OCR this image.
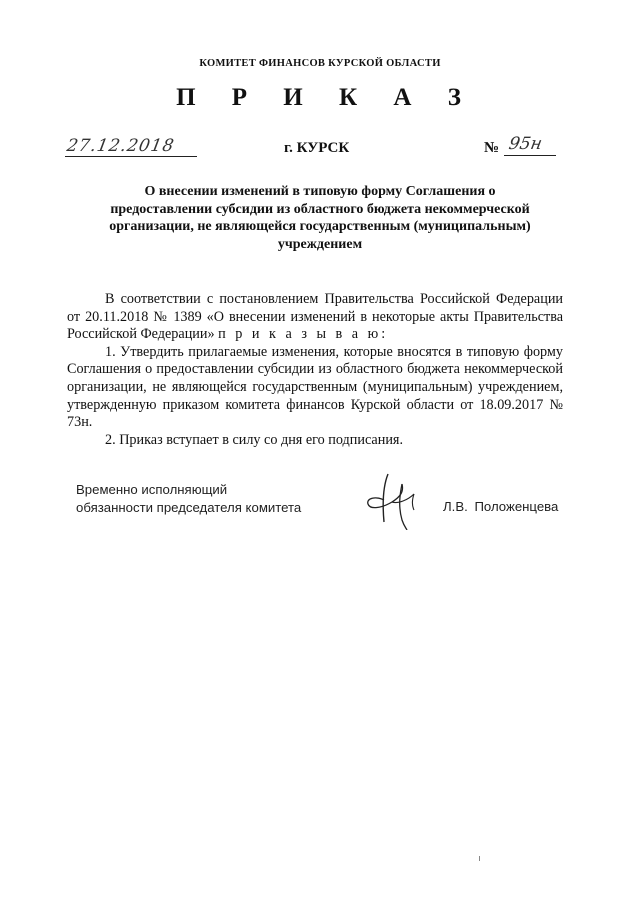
КОМИТЕТ ФИНАНСОВ КУРСКОЙ ОБЛАСТИ
П Р И К А З
27.12.2018	г. КУРСК	№ 95н
О внесении изменений в типовую форму Соглашения о предоставлении субсидии из областного бюджета некоммерческой организации, не являющейся государственным (муниципальным) учреждением

В соответствии с постановлением Правительства Российской Федерации от 20.11.2018 № 1389 «О внесении изменений в некоторые акты Правительства Российской Федерации» п р и к а з ы в а ю:

1. Утвердить прилагаемые изменения, которые вносятся в типовую форму Соглашения о предоставлении субсидии из областного бюджета некоммерческой организации, не являющейся государственным (муниципальным) учреждением, утвержденную приказом комитета финансов Курской области от 18.09.2017 № 73н.

2. Приказ вступает в силу со дня его подписания.

Временно исполняющий
обязанности председателя комитета	Л.В. Положенцева
